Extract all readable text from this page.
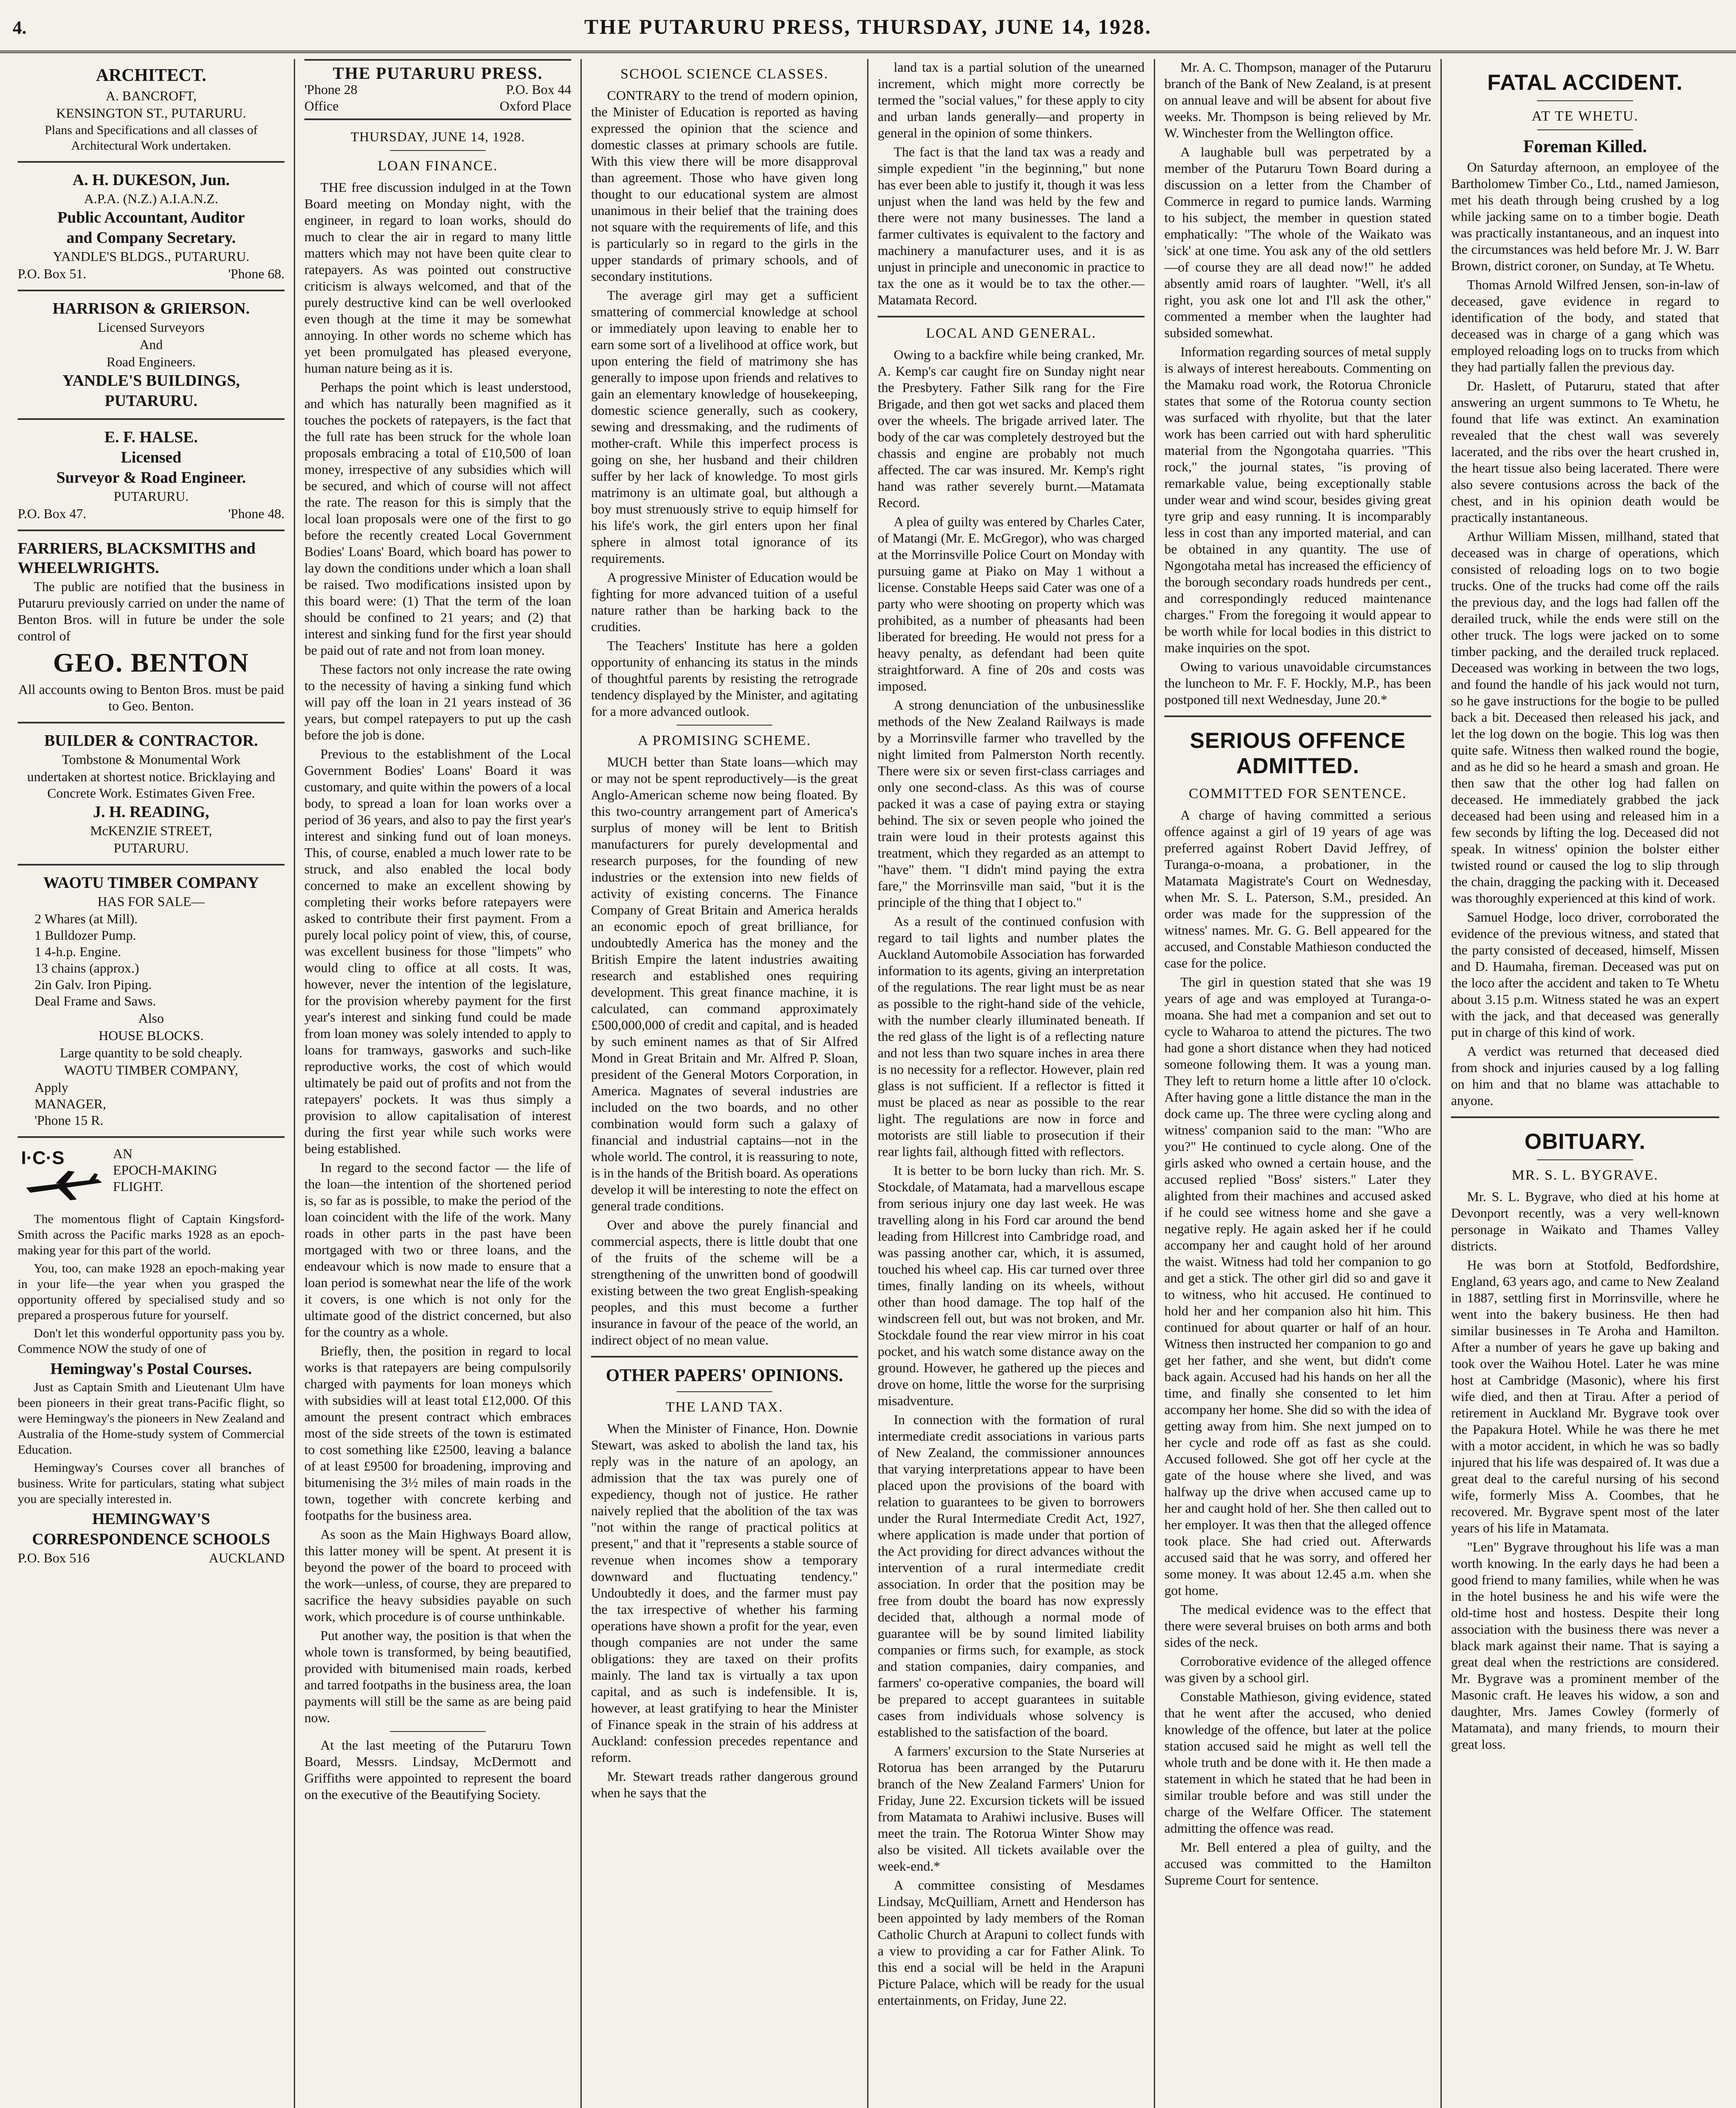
4.	THE PUTARURU PRESS, THURSDAY, JUNE 14, 1928.
ARCHITECT.
A. BANCROFT,
KENSINGTON ST., PUTARURU.
Plans and Specifications and all classes of Architectural Work undertaken.
A. H. DUKESON, Jun.
A.P.A. (N.Z.) A.I.A.N.Z.
Public Accountant, Auditor
and Company Secretary.
YANDLE'S BLDGS., PUTARURU.
P.O. Box 51.	'Phone 68.
HARRISON & GRIERSON.
Licensed Surveyors
And
Road Engineers.
YANDLE'S BUILDINGS,
PUTARURU.
E. F. HALSE.
Licensed
Surveyor & Road Engineer.
PUTARURU.
P.O. Box 47.	'Phone 48.
FARRIERS, BLACKSMITHS and WHEELWRIGHTS.

The public are notified that the business in Putaruru previously carried on under the name of Benton Bros. will in future be under the sole control of

GEO. BENTON
All accounts owing to Benton Bros. must be paid to Geo. Benton.
BUILDER & CONTRACTOR.
Tombstone & Monumental Work
undertaken at shortest notice. Bricklaying and Concrete Work. Estimates Given Free.
J. H. READING,
McKENZIE STREET,
PUTARURU.
WAOTU TIMBER COMPANY
HAS FOR SALE—
2 Whares (at Mill).
1 Bulldozer Pump.
1 4-h.p. Engine.
13 chains (approx.)
2in Galv. Iron Piping.
Deal Frame and Saws.
Also
HOUSE BLOCKS.
Large quantity to be sold cheaply.
WAOTU TIMBER COMPANY,
Apply
MANAGER,
'Phone 15 R.
I·C·S	AN
EPOCH-MAKING
FLIGHT.

The momentous flight of Captain Kingsford-Smith across the Pacific marks 1928 as an epoch-making year for this part of the world.

You, too, can make 1928 an epoch-making year in your life—the year when you grasped the opportunity offered by specialised study and so prepared a prosperous future for yourself.

Don't let this wonderful opportunity pass you by. Commence NOW the study of one of

Hemingway's Postal Courses.

Just as Captain Smith and Lieutenant Ulm have been pioneers in their great trans-Pacific flight, so were Hemingway's the pioneers in New Zealand and Australia of the Home-study system of Commercial Education.

Hemingway's Courses cover all branches of business. Write for particulars, stating what subject you are specially interested in.

HEMINGWAY'S
CORRESPONDENCE SCHOOLS
P.O. Box 516	AUCKLAND
THE PUTARURU PRESS.
'Phone 28	P.O. Box 44
Office	Oxford Place
THURSDAY, JUNE 14, 1928.
LOAN FINANCE.

THE free discussion indulged in at the Town Board meeting on Monday night, with the engineer, in regard to loan works, should do much to clear the air in regard to many little matters which may not have been quite clear to ratepayers. As was pointed out constructive criticism is always welcomed, and that of the purely destructive kind can be well overlooked even though at the time it may be somewhat annoying. In other words no scheme which has yet been promulgated has pleased everyone, human nature being as it is.

Perhaps the point which is least understood, and which has naturally been magnified as it touches the pockets of ratepayers, is the fact that the full rate has been struck for the whole loan proposals embracing a total of £10,500 of loan money, irrespective of any subsidies which will be secured, and which of course will not affect the rate. The reason for this is simply that the local loan proposals were one of the first to go before the recently created Local Government Bodies' Loans' Board, which board has power to lay down the conditions under which a loan shall be raised. Two modifications insisted upon by this board were: (1) That the term of the loan should be confined to 21 years; and (2) that interest and sinking fund for the first year should be paid out of rate and not from loan money.

These factors not only increase the rate owing to the necessity of having a sinking fund which will pay off the loan in 21 years instead of 36 years, but compel ratepayers to put up the cash before the job is done.

Previous to the establishment of the Local Government Bodies' Loans' Board it was customary, and quite within the powers of a local body, to spread a loan for loan works over a period of 36 years, and also to pay the first year's interest and sinking fund out of loan moneys. This, of course, enabled a much lower rate to be struck, and also enabled the local body concerned to make an excellent showing by completing their works before ratepayers were asked to contribute their first payment. From a purely local policy point of view, this, of course, was excellent business for those "limpets" who would cling to office at all costs. It was, however, never the intention of the legislature, for the provision whereby payment for the first year's interest and sinking fund could be made from loan money was solely intended to apply to loans for tramways, gasworks and such-like reproductive works, the cost of which would ultimately be paid out of profits and not from the ratepayers' pockets. It was thus simply a provision to allow capitalisation of interest during the first year while such works were being established.

In regard to the second factor — the life of the loan—the intention of the shortened period is, so far as is possible, to make the period of the loan coincident with the life of the work. Many roads in other parts in the past have been mortgaged with two or three loans, and the endeavour which is now made to ensure that a loan period is somewhat near the life of the work it covers, is one which is not only for the ultimate good of the district concerned, but also for the country as a whole.

Briefly, then, the position in regard to local works is that ratepayers are being compulsorily charged with payments for loan moneys which with subsidies will at least total £12,000. Of this amount the present contract which embraces most of the side streets of the town is estimated to cost something like £2500, leaving a balance of at least £9500 for broadening, improving and bitumenising the 3½ miles of main roads in the town, together with concrete kerbing and footpaths for the business area.

As soon as the Main Highways Board allow, this latter money will be spent. At present it is beyond the power of the board to proceed with the work—unless, of course, they are prepared to sacrifice the heavy subsidies payable on such work, which procedure is of course unthinkable.

Put another way, the position is that when the whole town is transformed, by being beautified, provided with bitumenised main roads, kerbed and tarred footpaths in the business area, the loan payments will still be the same as are being paid now.

At the last meeting of the Putaruru Town Board, Messrs. Lindsay, McDermott and Griffiths were appointed to represent the board on the executive of the Beautifying Society.

SCHOOL SCIENCE CLASSES.

CONTRARY to the trend of modern opinion, the Minister of Education is reported as having expressed the opinion that the science and domestic classes at primary schools are futile. With this view there will be more disapproval than agreement. Those who have given long thought to our educational system are almost unanimous in their belief that the training does not square with the requirements of life, and this is particularly so in regard to the girls in the upper standards of primary schools, and of secondary institutions.

The average girl may get a sufficient smattering of commercial knowledge at school or immediately upon leaving to enable her to earn some sort of a livelihood at office work, but upon entering the field of matrimony she has generally to impose upon friends and relatives to gain an elementary knowledge of housekeeping, domestic science generally, such as cookery, sewing and dressmaking, and the rudiments of mother-craft. While this imperfect process is going on she, her husband and their children suffer by her lack of knowledge. To most girls matrimony is an ultimate goal, but although a boy must strenuously strive to equip himself for his life's work, the girl enters upon her final sphere in almost total ignorance of its requirements.

A progressive Minister of Education would be fighting for more advanced tuition of a useful nature rather than be harking back to the crudities.

The Teachers' Institute has here a golden opportunity of enhancing its status in the minds of thoughtful parents by resisting the retrograde tendency displayed by the Minister, and agitating for a more advanced outlook.

A PROMISING SCHEME.

MUCH better than State loans—which may or may not be spent reproductively—is the great Anglo-American scheme now being floated. By this two-country arrangement part of America's surplus of money will be lent to British manufacturers for purely developmental and research purposes, for the founding of new industries or the extension into new fields of activity of existing concerns. The Finance Company of Great Britain and America heralds an economic epoch of great brilliance, for undoubtedly America has the money and the British Empire the latent industries awaiting research and established ones requiring development. This great finance machine, it is calculated, can command approximately £500,000,000 of credit and capital, and is headed by such eminent names as that of Sir Alfred Mond in Great Britain and Mr. Alfred P. Sloan, president of the General Motors Corporation, in America. Magnates of several industries are included on the two boards, and no other combination would form such a galaxy of financial and industrial captains—not in the whole world. The control, it is reassuring to note, is in the hands of the British board. As operations develop it will be interesting to note the effect on general trade conditions.

Over and above the purely financial and commercial aspects, there is little doubt that one of the fruits of the scheme will be a strengthening of the unwritten bond of goodwill existing between the two great English-speaking peoples, and this must become a further insurance in favour of the peace of the world, an indirect object of no mean value.

OTHER PAPERS' OPINIONS.
THE LAND TAX.

When the Minister of Finance, Hon. Downie Stewart, was asked to abolish the land tax, his reply was in the nature of an apology, an admission that the tax was purely one of expediency, though not of justice. He rather naively replied that the abolition of the tax was "not within the range of practical politics at present," and that it "represents a stable source of revenue when incomes show a temporary downward and fluctuating tendency." Undoubtedly it does, and the farmer must pay the tax irrespective of whether his farming operations have shown a profit for the year, even though companies are not under the same obligations: they are taxed on their profits mainly. The land tax is virtually a tax upon capital, and as such is indefensible. It is, however, at least gratifying to hear the Minister of Finance speak in the strain of his address at Auckland: confession precedes repentance and reform.

Mr. Stewart treads rather dangerous ground when he says that the

land tax is a partial solution of the unearned increment, which might more correctly be termed the "social values," for these apply to city and urban lands generally—and property in general in the opinion of some thinkers.

The fact is that the land tax was a ready and simple expedient "in the beginning," but none has ever been able to justify it, though it was less unjust when the land was held by the few and there were not many businesses. The land a farmer cultivates is equivalent to the factory and machinery a manufacturer uses, and it is as unjust in principle and uneconomic in practice to tax the one as it would be to tax the other.—Matamata Record.

LOCAL AND GENERAL.

Owing to a backfire while being cranked, Mr. A. Kemp's car caught fire on Sunday night near the Presbytery. Father Silk rang for the Fire Brigade, and then got wet sacks and placed them over the wheels. The brigade arrived later. The body of the car was completely destroyed but the chassis and engine are probably not much affected. The car was insured. Mr. Kemp's right hand was rather severely burnt.—Matamata Record.

A plea of guilty was entered by Charles Cater, of Matangi (Mr. E. McGregor), who was charged at the Morrinsville Police Court on Monday with pursuing game at Piako on May 1 without a license. Constable Heeps said Cater was one of a party who were shooting on property which was prohibited, as a number of pheasants had been liberated for breeding. He would not press for a heavy penalty, as defendant had been quite straightforward. A fine of 20s and costs was imposed.

A strong denunciation of the unbusinesslike methods of the New Zealand Railways is made by a Morrinsville farmer who travelled by the night limited from Palmerston North recently. There were six or seven first-class carriages and only one second-class. As this was of course packed it was a case of paying extra or staying behind. The six or seven people who joined the train were loud in their protests against this treatment, which they regarded as an attempt to "have" them. "I didn't mind paying the extra fare," the Morrinsville man said, "but it is the principle of the thing that I object to."

As a result of the continued confusion with regard to tail lights and number plates the Auckland Automobile Association has forwarded information to its agents, giving an interpretation of the regulations. The rear light must be as near as possible to the right-hand side of the vehicle, with the number clearly illuminated beneath. If the red glass of the light is of a reflecting nature and not less than two square inches in area there is no necessity for a reflector. However, plain red glass is not sufficient. If a reflector is fitted it must be placed as near as possible to the rear light. The regulations are now in force and motorists are still liable to prosecution if their rear lights fail, although fitted with reflectors.

It is better to be born lucky than rich. Mr. S. Stockdale, of Matamata, had a marvellous escape from serious injury one day last week. He was travelling along in his Ford car around the bend leading from Hillcrest into Cambridge road, and was passing another car, which, it is assumed, touched his wheel cap. His car turned over three times, finally landing on its wheels, without other than hood damage. The top half of the windscreen fell out, but was not broken, and Mr. Stockdale found the rear view mirror in his coat pocket, and his watch some distance away on the ground. However, he gathered up the pieces and drove on home, little the worse for the surprising misadventure.

In connection with the formation of rural intermediate credit associations in various parts of New Zealand, the commissioner announces that varying interpretations appear to have been placed upon the provisions of the board with relation to guarantees to be given to borrowers under the Rural Intermediate Credit Act, 1927, where application is made under that portion of the Act providing for direct advances without the intervention of a rural intermediate credit association. In order that the position may be free from doubt the board has now expressly decided that, although a normal mode of guarantee will be by sound limited liability companies or firms such, for example, as stock and station companies, dairy companies, and farmers' co-operative companies, the board will be prepared to accept guarantees in suitable cases from individuals whose solvency is established to the satisfaction of the board.

A farmers' excursion to the State Nurseries at Rotorua has been arranged by the Putaruru branch of the New Zealand Farmers' Union for Friday, June 22. Excursion tickets will be issued from Matamata to Arahiwi inclusive. Buses will meet the train. The Rotorua Winter Show may also be visited. All tickets available over the week-end.*

A committee consisting of Mesdames Lindsay, McQuilliam, Arnett and Henderson has been appointed by lady members of the Roman Catholic Church at Arapuni to collect funds with a view to providing a car for Father Alink. To this end a social will be held in the Arapuni Picture Palace, which will be ready for the usual entertainments, on Friday, June 22.

Mr. A. C. Thompson, manager of the Putaruru branch of the Bank of New Zealand, is at present on annual leave and will be absent for about five weeks. Mr. Thompson is being relieved by Mr. W. Winchester from the Wellington office.

A laughable bull was perpetrated by a member of the Putaruru Town Board during a discussion on a letter from the Chamber of Commerce in regard to pumice lands. Warming to his subject, the member in question stated emphatically: "The whole of the Waikato was 'sick' at one time. You ask any of the old settlers—of course they are all dead now!" he added absently amid roars of laughter. "Well, it's all right, you ask one lot and I'll ask the other," commented a member when the laughter had subsided somewhat.

Information regarding sources of metal supply is always of interest hereabouts. Commenting on the Mamaku road work, the Rotorua Chronicle states that some of the Rotorua county section was surfaced with rhyolite, but that the later work has been carried out with hard spherulitic material from the Ngongotaha quarries. "This rock," the journal states, "is proving of remarkable value, being exceptionally stable under wear and wind scour, besides giving great tyre grip and easy running. It is incomparably less in cost than any imported material, and can be obtained in any quantity. The use of Ngongotaha metal has increased the efficiency of the borough secondary roads hundreds per cent., and correspondingly reduced maintenance charges." From the foregoing it would appear to be worth while for local bodies in this district to make inquiries on the spot.

Owing to various unavoidable circumstances the luncheon to Mr. F. F. Hockly, M.P., has been postponed till next Wednesday, June 20.*

SERIOUS OFFENCE ADMITTED.
COMMITTED FOR SENTENCE.

A charge of having committed a serious offence against a girl of 19 years of age was preferred against Robert David Jeffrey, of Turanga-o-moana, a probationer, in the Matamata Magistrate's Court on Wednesday, when Mr. S. L. Paterson, S.M., presided. An order was made for the suppression of the witness' names. Mr. G. G. Bell appeared for the accused, and Constable Mathieson conducted the case for the police.

The girl in question stated that she was 19 years of age and was employed at Turanga-o-moana. She had met a companion and set out to cycle to Waharoa to attend the pictures. The two had gone a short distance when they had noticed someone following them. It was a young man. They left to return home a little after 10 o'clock. After having gone a little distance the man in the dock came up. The three were cycling along and witness' companion said to the man: "Who are you?" He continued to cycle along. One of the girls asked who owned a certain house, and the accused replied "Boss' sisters." Later they alighted from their machines and accused asked if he could see witness home and she gave a negative reply. He again asked her if he could accompany her and caught hold of her around the waist. Witness had told her companion to go and get a stick. The other girl did so and gave it to witness, who hit accused. He continued to hold her and her companion also hit him. This continued for about quarter or half of an hour. Witness then instructed her companion to go and get her father, and she went, but didn't come back again. Accused had his hands on her all the time, and finally she consented to let him accompany her home. She did so with the idea of getting away from him. She next jumped on to her cycle and rode off as fast as she could. Accused followed. She got off her cycle at the gate of the house where she lived, and was halfway up the drive when accused came up to her and caught hold of her. She then called out to her employer. It was then that the alleged offence took place. She had cried out. Afterwards accused said that he was sorry, and offered her some money. It was about 12.45 a.m. when she got home.

The medical evidence was to the effect that there were several bruises on both arms and both sides of the neck.

Corroborative evidence of the alleged offence was given by a school girl.

Constable Mathieson, giving evidence, stated that he went after the accused, who denied knowledge of the offence, but later at the police station accused said he might as well tell the whole truth and be done with it. He then made a statement in which he stated that he had been in similar trouble before and was still under the charge of the Welfare Officer. The statement admitting the offence was read.

Mr. Bell entered a plea of guilty, and the accused was committed to the Hamilton Supreme Court for sentence.

FATAL ACCIDENT.
AT TE WHETU.
Foreman Killed.

On Saturday afternoon, an employee of the Bartholomew Timber Co., Ltd., named Jamieson, met his death through being crushed by a log while jacking same on to a timber bogie. Death was practically instantaneous, and an inquest into the circumstances was held before Mr. J. W. Barr Brown, district coroner, on Sunday, at Te Whetu.

Thomas Arnold Wilfred Jensen, son-in-law of deceased, gave evidence in regard to identification of the body, and stated that deceased was in charge of a gang which was employed reloading logs on to trucks from which they had partially fallen the previous day.

Dr. Haslett, of Putaruru, stated that after answering an urgent summons to Te Whetu, he found that life was extinct. An examination revealed that the chest wall was severely lacerated, and the ribs over the heart crushed in, the heart tissue also being lacerated. There were also severe contusions across the back of the chest, and in his opinion death would be practically instantaneous.

Arthur William Missen, millhand, stated that deceased was in charge of operations, which consisted of reloading logs on to two bogie trucks. One of the trucks had come off the rails the previous day, and the logs had fallen off the derailed truck, while the ends were still on the other truck. The logs were jacked on to some timber packing, and the derailed truck replaced. Deceased was working in between the two logs, and found the handle of his jack would not turn, so he gave instructions for the bogie to be pulled back a bit. Deceased then released his jack, and let the log down on the bogie. This log was then quite safe. Witness then walked round the bogie, and as he did so he heard a smash and groan. He then saw that the other log had fallen on deceased. He immediately grabbed the jack deceased had been using and released him in a few seconds by lifting the log. Deceased did not speak. In witness' opinion the bolster either twisted round or caused the log to slip through the chain, dragging the packing with it. Deceased was thoroughly experienced at this kind of work.

Samuel Hodge, loco driver, corroborated the evidence of the previous witness, and stated that the party consisted of deceased, himself, Missen and D. Haumaha, fireman. Deceased was put on the loco after the accident and taken to Te Whetu about 3.15 p.m. Witness stated he was an expert with the jack, and that deceased was generally put in charge of this kind of work.

A verdict was returned that deceased died from shock and injuries caused by a log falling on him and that no blame was attachable to anyone.

OBITUARY.
MR. S. L. BYGRAVE.

Mr. S. L. Bygrave, who died at his home at Devonport recently, was a very well-known personage in Waikato and Thames Valley districts.

He was born at Stotfold, Bedfordshire, England, 63 years ago, and came to New Zealand in 1887, settling first in Morrinsville, where he went into the bakery business. He then had similar businesses in Te Aroha and Hamilton. After a number of years he gave up baking and took over the Waihou Hotel. Later he was mine host at Cambridge (Masonic), where his first wife died, and then at Tirau. After a period of retirement in Auckland Mr. Bygrave took over the Papakura Hotel. While he was there he met with a motor accident, in which he was so badly injured that his life was despaired of. It was due a great deal to the careful nursing of his second wife, formerly Miss A. Coombes, that he recovered. Mr. Bygrave spent most of the later years of his life in Matamata.

"Len" Bygrave throughout his life was a man worth knowing. In the early days he had been a good friend to many families, while when he was in the hotel business he and his wife were the old-time host and hostess. Despite their long association with the business there was never a black mark against their name. That is saying a great deal when the restrictions are considered. Mr. Bygrave was a prominent member of the Masonic craft. He leaves his widow, a son and daughter, Mrs. James Cowley (formerly of Matamata), and many friends, to mourn their great loss.
